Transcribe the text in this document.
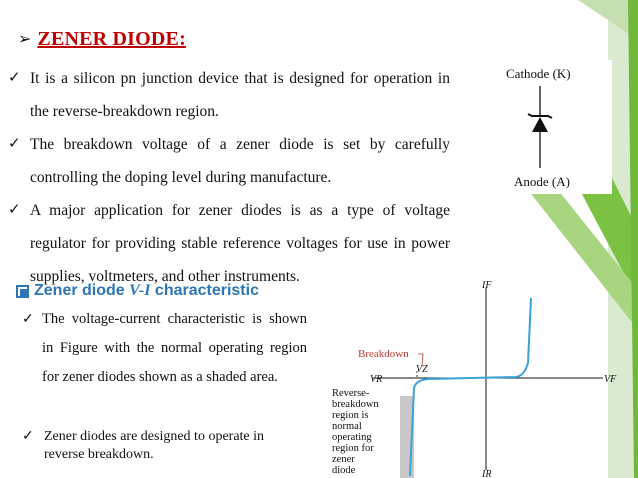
➢ ZENER DIODE:
✓ It is a silicon pn junction device that is designed for operation in the reverse-breakdown region.
✓ The breakdown voltage of a zener diode is set by carefully controlling the doping level during manufacture.
✓ A major application for zener diodes is as a type of voltage regulator for providing stable reference voltages for use in power supplies, voltmeters, and other instruments.
Zener diode V-I characteristic
✓ The voltage-current characteristic is shown in Figure with the normal operating region for zener diodes shown as a shaded area.
✓ Zener diodes are designed to operate in reverse breakdown.
Cathode (K)
Anode (A)
Breakdown
VZ
IF
IR
VF
VR
Reverse-
breakdown
region is
normal
operating
region for
zener
diode
